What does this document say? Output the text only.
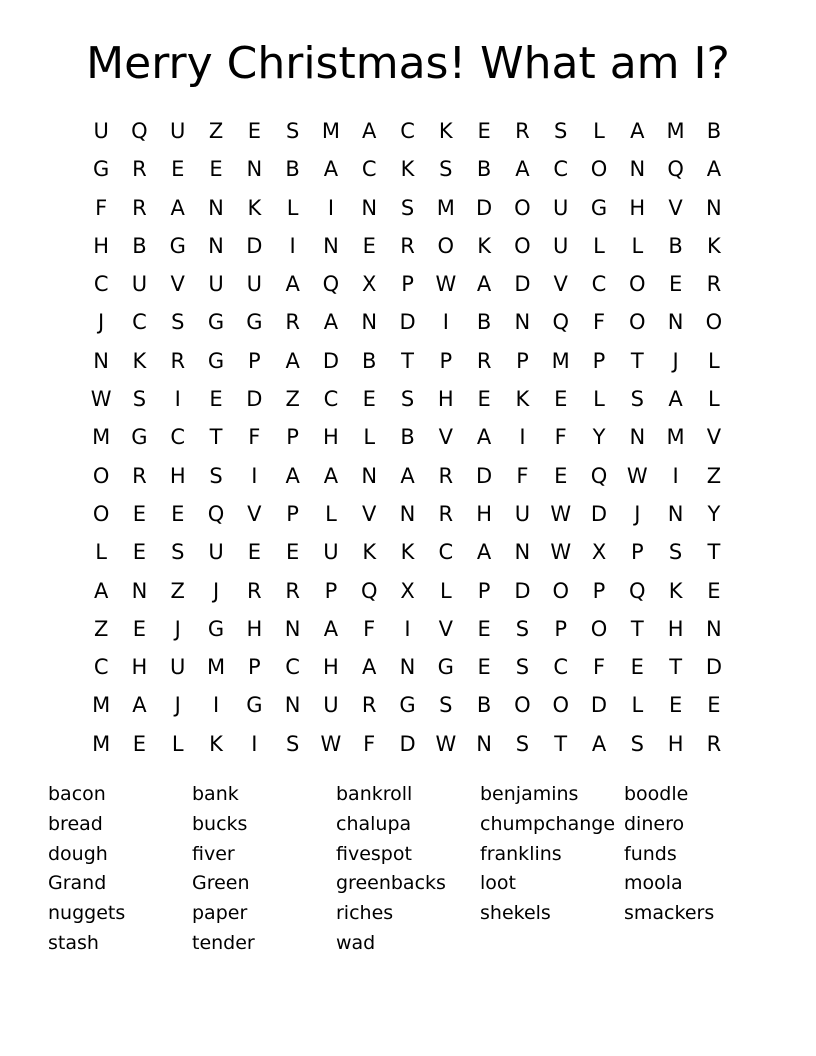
Merry Christmas! What am I?
U	Q	U	Z	E	S	M	A	C	K	E	R	S	L	A	M	B
G	R	E	E	N	B	A	C	K	S	B	A	C	O	N	Q	A
F	R	A	N	K	L	I	N	S	M	D	O	U	G	H	V	N
H	B	G	N	D	I	N	E	R	O	K	O	U	L	L	B	K
C	U	V	U	U	A	Q	X	P	W A	D	V	C	O	E	R
J	C	S	G	G	R	A	N	D	I	B	N	Q	F	O	N	O
N	K	R	G	P	A	D	B	T	P	R	P	M	P	T	J	L
W	S	I	E	D	Z	C	E	S	H	E	K	E	L	S	A	L
M	G	C	T	F	P	H	L	B	V	A	I	F	Y	N	M	V
O	R	H	S	I	A	A	N	A	R	D	F	E	Q W	I	Z
O	E	E	Q	V	P	L	V	N	R	H	U W D	J	N	Y
L	E	S	U	E	E	U	K	K	C	A	N W X	P	S	T
A	N	Z	J	R	R	P	Q	X	L	P	D	O	P	Q	K	E
Z	E	J	G	H	N	A	F	I	V	E	S	P	O	T	H	N
C	H	U	M	P	C	H	A	N	G	E	S	C	F	E	T	D
M	A	J	I	G	N	U	R	G	S	B	O	O	D	L	E	E
M	E	L	K	I	S	W	F	D W N	S	T	A	S	H	R
bacon	bank	bankroll	benjamins	boodle
bread	bucks	chalupa	chumpchange dinero
dough	fiver	fivespot	franklins	funds
Grand	Green	greenbacks	loot	moola
nuggets	paper	riches	shekels	smackers
stash	tender	wad
